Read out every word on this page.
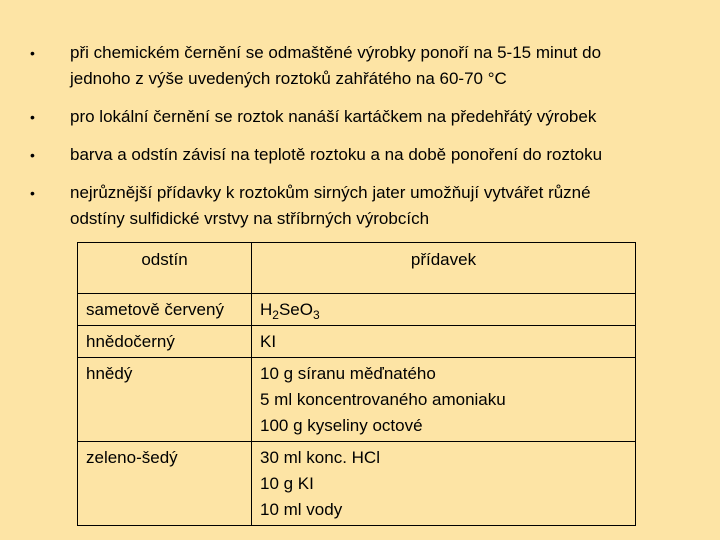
• při chemickém černění se odmaštěné výrobky ponoří na 5-15 minut do
jednoho z výše uvedených roztoků zahřátého na 60-70 °C
• pro lokální černění se roztok nanáší kartáčkem na předehřátý výrobek
• barva a odstín závisí na teplotě roztoku a na době ponoření do roztoku
• nejrůznější přídavky k roztokům sirných jater umožňují vytvářet různé
odstíny sulfidické vrstvy na stříbrných výrobcích
odstín	přídavek
sametově červený	$H_2SeO_3$
hnědočerný	KI

hnědý	10 g síranu měďnatého
5 ml koncentrovaného amoniaku
100 g kyseliny octové

zeleno-šedý	30 ml konc. HCl
10 g KI
10 ml vody
